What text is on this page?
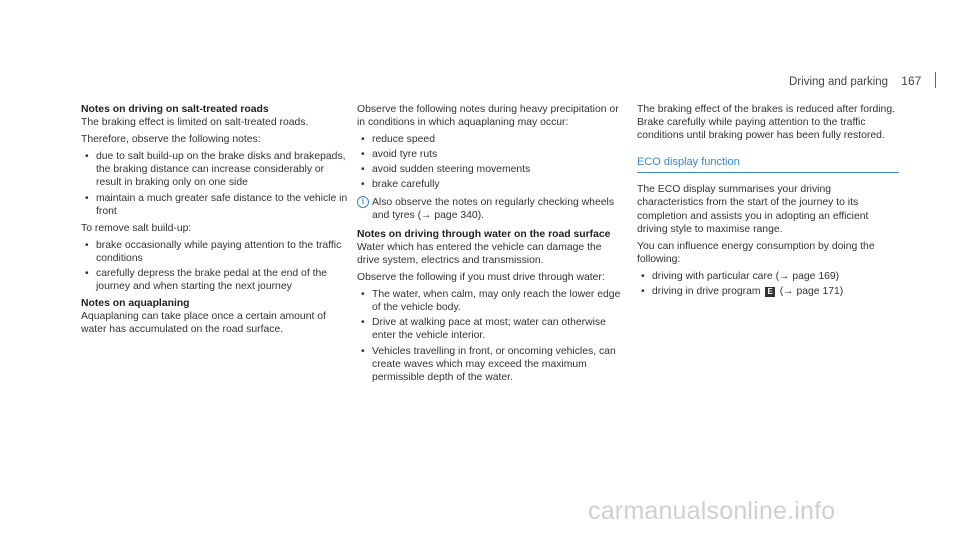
Driving and parking 167

Notes on driving on salt-treated roads

The braking effect is limited on salt-treated roads.

Therefore, observe the following notes:

• due to salt build-up on the brake disks and brakepads, the braking distance can increase considerably or result in braking only on one side
• maintain a much greater safe distance to the vehicle in front

To remove salt build-up:

• brake occasionally while paying attention to the traffic conditions
• carefully depress the brake pedal at the end of the journey and when starting the next journey

Notes on aquaplaning

Aquaplaning can take place once a certain amount of water has accumulated on the road surface.

Observe the following notes during heavy precipitation or in conditions in which aquaplaning may occur:

• reduce speed
• avoid tyre ruts
• avoid sudden steering movements
• brake carefully
i Also observe the notes on regularly checking wheels and tyres (→ page 340).

Notes on driving through water on the road surface

Water which has entered the vehicle can damage the drive system, electrics and transmission.

Observe the following if you must drive through water:

• The water, when calm, may only reach the lower edge of the vehicle body.
• Drive at walking pace at most; water can otherwise enter the vehicle interior.
• Vehicles travelling in front, or oncoming vehicles, can create waves which may exceed the maximum permissible depth of the water.

The braking effect of the brakes is reduced after fording. Brake carefully while paying attention to the traffic conditions until braking power has been fully restored.

ECO display function

The ECO display summarises your driving characteristics from the start of the journey to its completion and assists you in adopting an efficient driving style to maximise range.

You can influence energy consumption by doing the following:

• driving with particular care (→ page 169)
• driving in drive program E (→ page 171)
carmanualsonline.info
